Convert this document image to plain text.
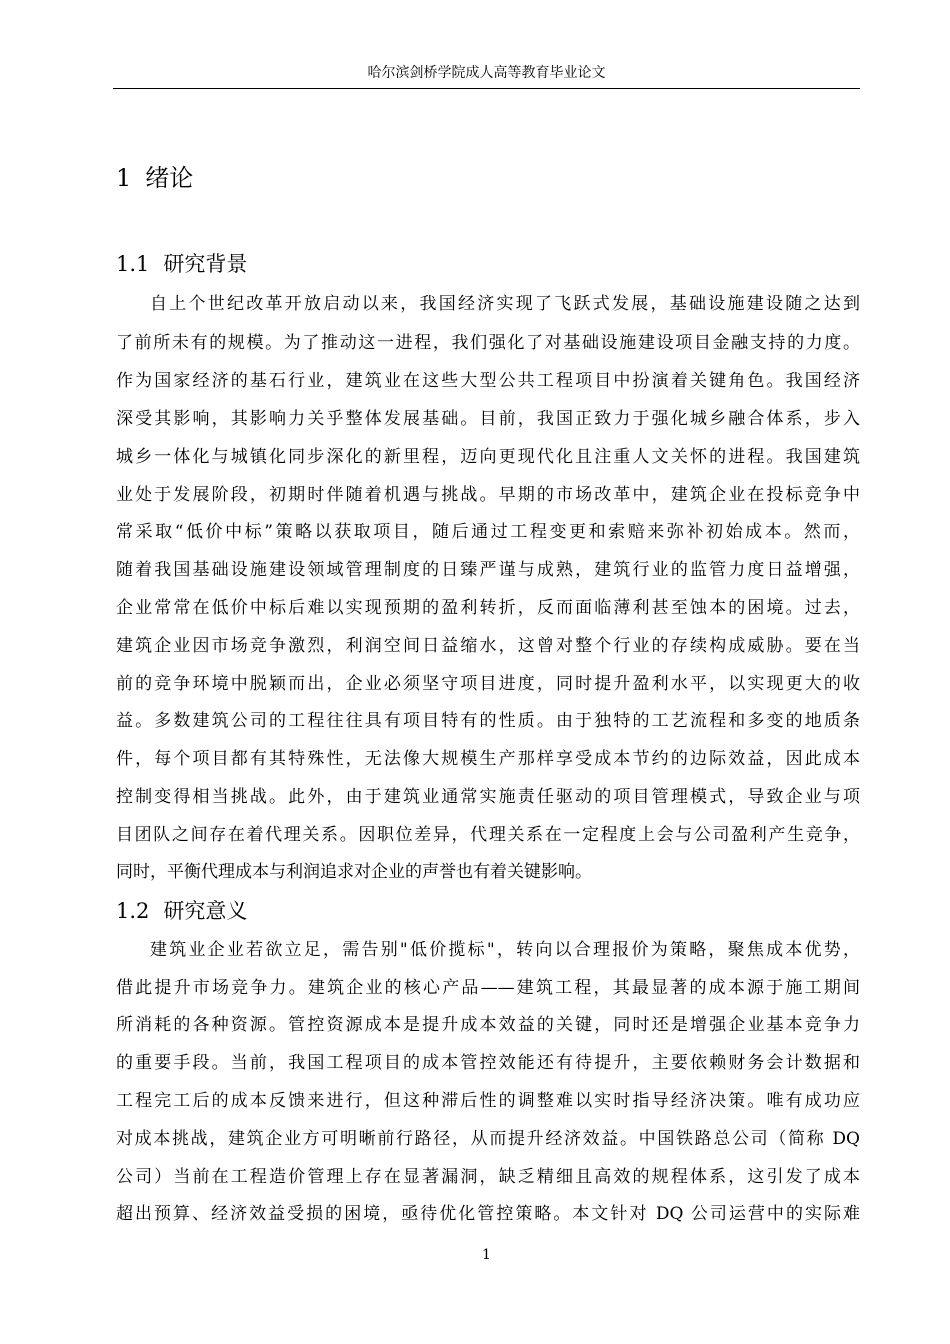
哈尔滨剑桥学院成人高等教育毕业论文
1 绪论
1.1 研究背景
自上个世纪改革开放启动以来，我国经济实现了飞跃式发展，基础设施建设随之达到
了前所未有的规模。为了推动这一进程，我们强化了对基础设施建设项目金融支持的力度。
作为国家经济的基石行业，建筑业在这些大型公共工程项目中扮演着关键角色。我国经济
深受其影响，其影响力关乎整体发展基础。目前，我国正致力于强化城乡融合体系，步入
城乡一体化与城镇化同步深化的新里程，迈向更现代化且注重人文关怀的进程。我国建筑
业处于发展阶段，初期时伴随着机遇与挑战。早期的市场改革中，建筑企业在投标竞争中
常采取“低价中标”策略以获取项目，随后通过工程变更和索赔来弥补初始成本。然而，
随着我国基础设施建设领域管理制度的日臻严谨与成熟，建筑行业的监管力度日益增强，
企业常常在低价中标后难以实现预期的盈利转折，反而面临薄利甚至蚀本的困境。过去，
建筑企业因市场竞争激烈，利润空间日益缩水，这曾对整个行业的存续构成威胁。要在当
前的竞争环境中脱颖而出，企业必须坚守项目进度，同时提升盈利水平，以实现更大的收
益。多数建筑公司的工程往往具有项目特有的性质。由于独特的工艺流程和多变的地质条
件，每个项目都有其特殊性，无法像大规模生产那样享受成本节约的边际效益，因此成本
控制变得相当挑战。此外，由于建筑业通常实施责任驱动的项目管理模式，导致企业与项
目团队之间存在着代理关系。因职位差异，代理关系在一定程度上会与公司盈利产生竞争，
同时，平衡代理成本与利润追求对企业的声誉也有着关键影响。
1.2 研究意义
建筑业企业若欲立足，需告别"低价揽标"，转向以合理报价为策略，聚焦成本优势，
借此提升市场竞争力。建筑企业的核心产品——建筑工程，其最显著的成本源于施工期间
所消耗的各种资源。管控资源成本是提升成本效益的关键，同时还是增强企业基本竞争力
的重要手段。当前，我国工程项目的成本管控效能还有待提升，主要依赖财务会计数据和
工程完工后的成本反馈来进行，但这种滞后性的调整难以实时指导经济决策。唯有成功应
对成本挑战，建筑企业方可明晰前行路径，从而提升经济效益。中国铁路总公司（简称 DQ
公司）当前在工程造价管理上存在显著漏洞，缺乏精细且高效的规程体系，这引发了成本
超出预算、经济效益受损的困境，亟待优化管控策略。本文针对 DQ 公司运营中的实际难
1
